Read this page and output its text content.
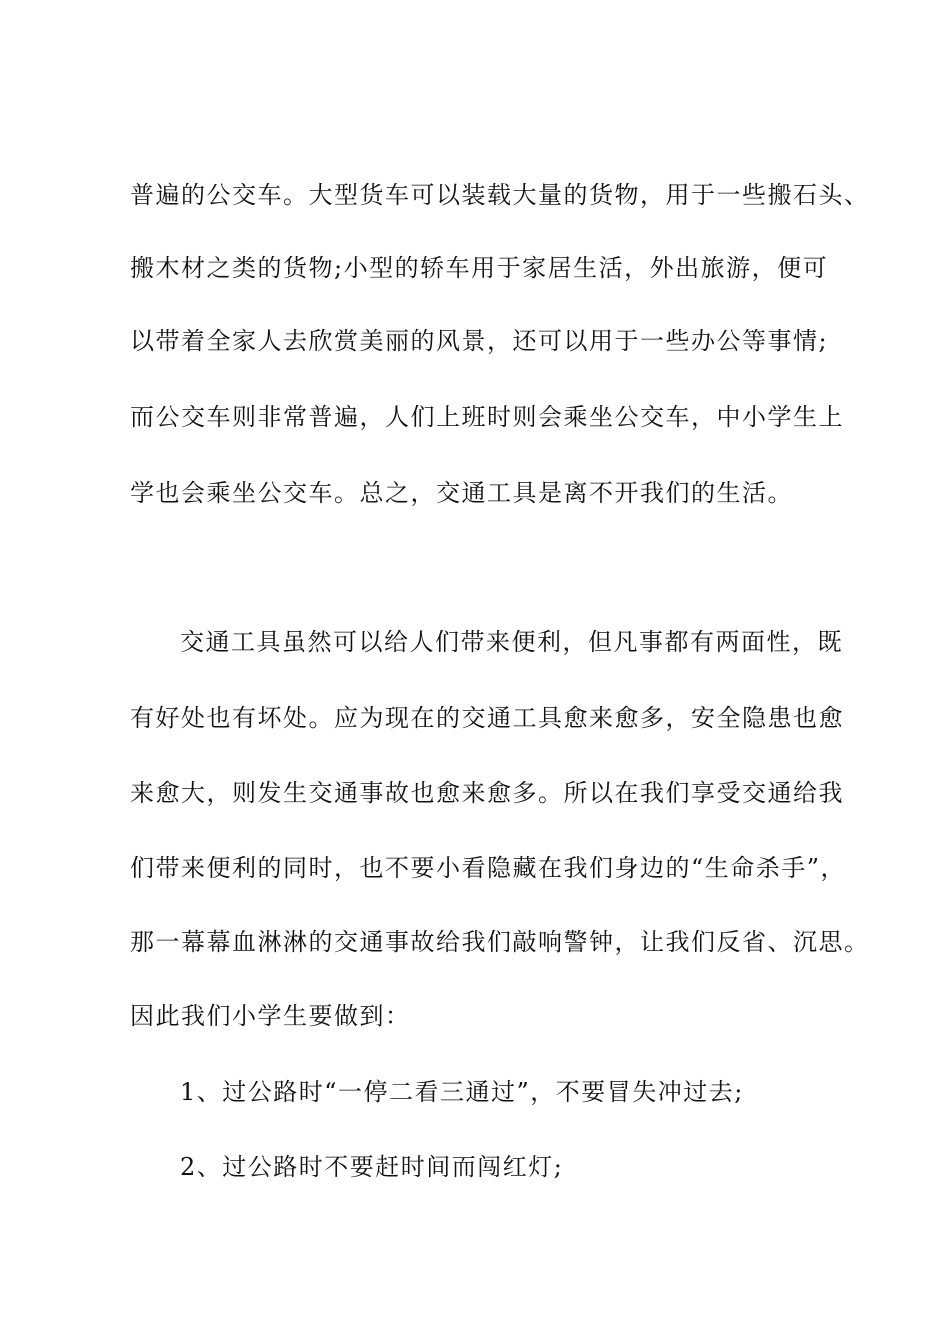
普遍的公交车。大型货车可以装载大量的货物，用于一些搬石头、
搬木材之类的货物;小型的轿车用于家居生活，外出旅游，便可
以带着全家人去欣赏美丽的风景，还可以用于一些办公等事情;
而公交车则非常普遍，人们上班时则会乘坐公交车，中小学生上
学也会乘坐公交车。总之，交通工具是离不开我们的生活。
交通工具虽然可以给人们带来便利，但凡事都有两面性，既
有好处也有坏处。应为现在的交通工具愈来愈多，安全隐患也愈
来愈大，则发生交通事故也愈来愈多。所以在我们享受交通给我
们带来便利的同时，也不要小看隐藏在我们身边的“生命杀手”，
那一幕幕血淋淋的交通事故给我们敲响警钟，让我们反省、沉思。
因此我们小学生要做到：
1、过公路时“一停二看三通过”，不要冒失冲过去;
2、过公路时不要赶时间而闯红灯;
